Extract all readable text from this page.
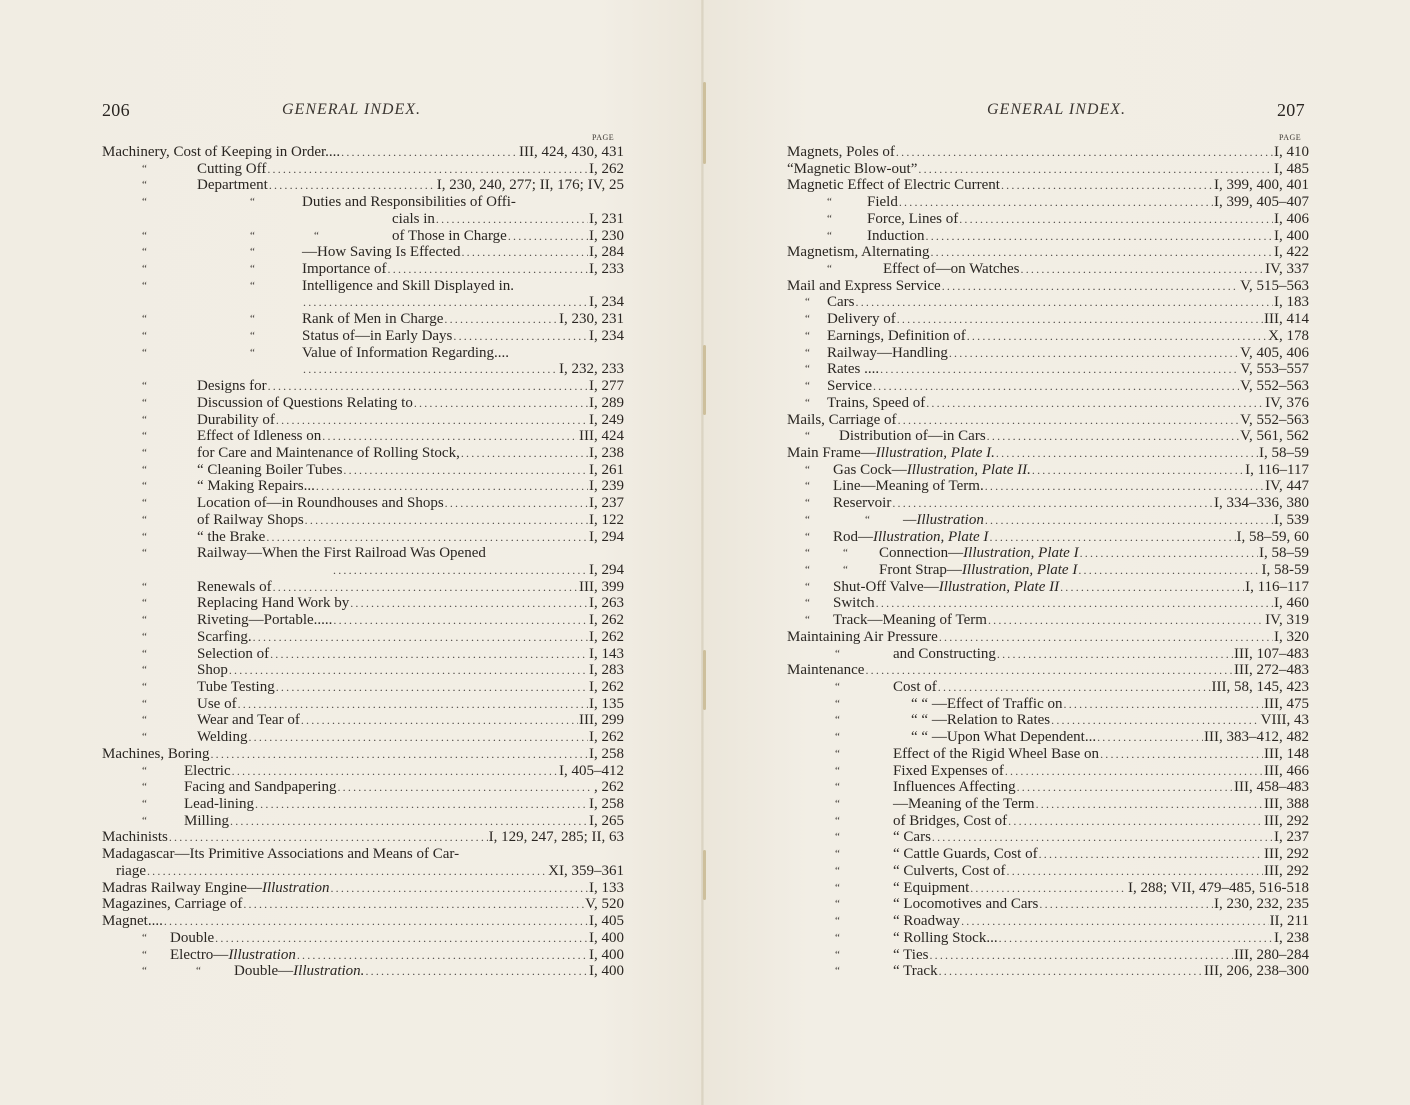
206	GENERAL INDEX.
PAGE
Machinery, Cost of Keeping in Order.... .....	III, 424, 430, 431
“	Cutting Off .....	I, 262
“	Department .....	I, 230, 240, 277; II, 176; IV, 25
“	“	Duties and Responsibilities of Offi-
cials in .....	I, 231
“	“	“	of Those in Charge .....	I, 230
“	“	—How Saving Is Effected .....	I, 284
“	“	Importance of .....	I, 233
“	“	Intelligence and Skill Displayed in.
.....
I, 234
“	“	Rank of Men in Charge .....	I, 230, 231
“	“	Status of—in Early Days .....	I, 234
“	“	Value of Information Regarding....
.....
I, 232, 233
“	Designs for .....	I, 277
“	Discussion of Questions Relating to .....	I, 289
“	Durability of .....	I, 249
“	Effect of Idleness on .....	III, 424
“	for Care and Maintenance of Rolling Stock, .....	I, 238
“	“ Cleaning Boiler Tubes .....	I, 261
“	“ Making Repairs... .....	I, 239
“	Location of—in Roundhouses and Shops .....	I, 237
“	of Railway Shops .....	I, 122
“	“ the Brake .....	I, 294
“	Railway—When the First Railroad Was Opened
.....
I, 294
“	Renewals of .....	III, 399
“	Replacing Hand Work by .....	I, 263
“	Riveting—Portable..... .....	I, 262
“	Scarfing. .....	I, 262
“	Selection of .....	I, 143
“	Shop .....	I, 283
“	Tube Testing .....	I, 262
“	Use of .....	I, 135
“	Wear and Tear of .....	III, 299
“	Welding .....	I, 262
Machines, Boring .....	I, 258
“ Electric .....	I, 405–412
“ Facing and Sandpapering .....	, 262
“ Lead-lining .....	I, 258
“ Milling .....	I, 265
Machinists .....	I, 129, 247, 285; II, 63
Madagascar—Its Primitive Associations and Means of Car-
riage .....	XI, 359–361
Madras Railway Engine—Illustration .....	I, 133
Magazines, Carriage of .....	V, 520
Magnet.... .....	I, 405
“ Double .....	I, 400
“ Electro—Illustration .....	I, 400
“	“ Double—Illustration. .....	I, 400
GENERAL INDEX.	207
PAGE
Magnets, Poles of .....	I, 410
“Magnetic Blow-out” .....	I, 485
Magnetic Effect of Electric Current .....	I, 399, 400, 401
“ Field .....	I, 399, 405–407
“ Force, Lines of .....	I, 406
“ Induction .....	I, 400
Magnetism, Alternating .....	I, 422
“	Effect of—on Watches .....	IV, 337
Mail and Express Service .....	V, 515–563
“ Cars .....	I, 183
“ Delivery of .....	III, 414
“ Earnings, Definition of .....	X, 178
“ Railway—Handling .....	V, 405, 406
“ Rates .... .....	V, 553–557
“ Service .....	V, 552–563
“ Trains, Speed of .....	IV, 376
Mails, Carriage of .....	V, 552–563
“ Distribution of—in Cars .....	V, 561, 562
Main Frame—Illustration, Plate I. .....	I, 58–59
“ Gas Cock—Illustration, Plate II. .....	I, 116–117
“ Line—Meaning of Term. .....	IV, 447
“ Reservoir .....	I, 334–336, 380
“	“ —Illustration .....	I, 539
“ Rod—Illustration, Plate I .....	I, 58–59, 60
“	“ Connection—Illustration, Plate I .....	I, 58–59
“	“ Front Strap—Illustration, Plate I .....	I, 58-59
“ Shut-Off Valve—Illustration, Plate II .....	I, 116–117
“ Switch .....	I, 460
“ Track—Meaning of Term .....	IV, 319
Maintaining Air Pressure .....	I, 320
“	and Constructing .....	III, 107–483
Maintenance .....	III, 272–483
“	Cost of .....	III, 58, 145, 423
“	“ “ —Effect of Traffic on .....	III, 475
“	“ “ —Relation to Rates .....	VIII, 43
“	“ “ —Upon What Dependent... .....	III, 383–412, 482
“	Effect of the Rigid Wheel Base on .....	III, 148
“	Fixed Expenses of .....	III, 466
“	Influences Affecting .....	III, 458–483
“	—Meaning of the Term .....	III, 388
“	of Bridges, Cost of .....	III, 292
“	“ Cars .....	I, 237
“	“ Cattle Guards, Cost of .....	III, 292
“	“ Culverts, Cost of .....	III, 292
“	“ Equipment .....	I, 288; VII, 479–485, 516-518
“	“ Locomotives and Cars .....	I, 230, 232, 235
“	“ Roadway .....	II, 211
“	“ Rolling Stock... .....	I, 238
“	“ Ties .....	III, 280–284
“	“ Track .....	III, 206, 238–300
